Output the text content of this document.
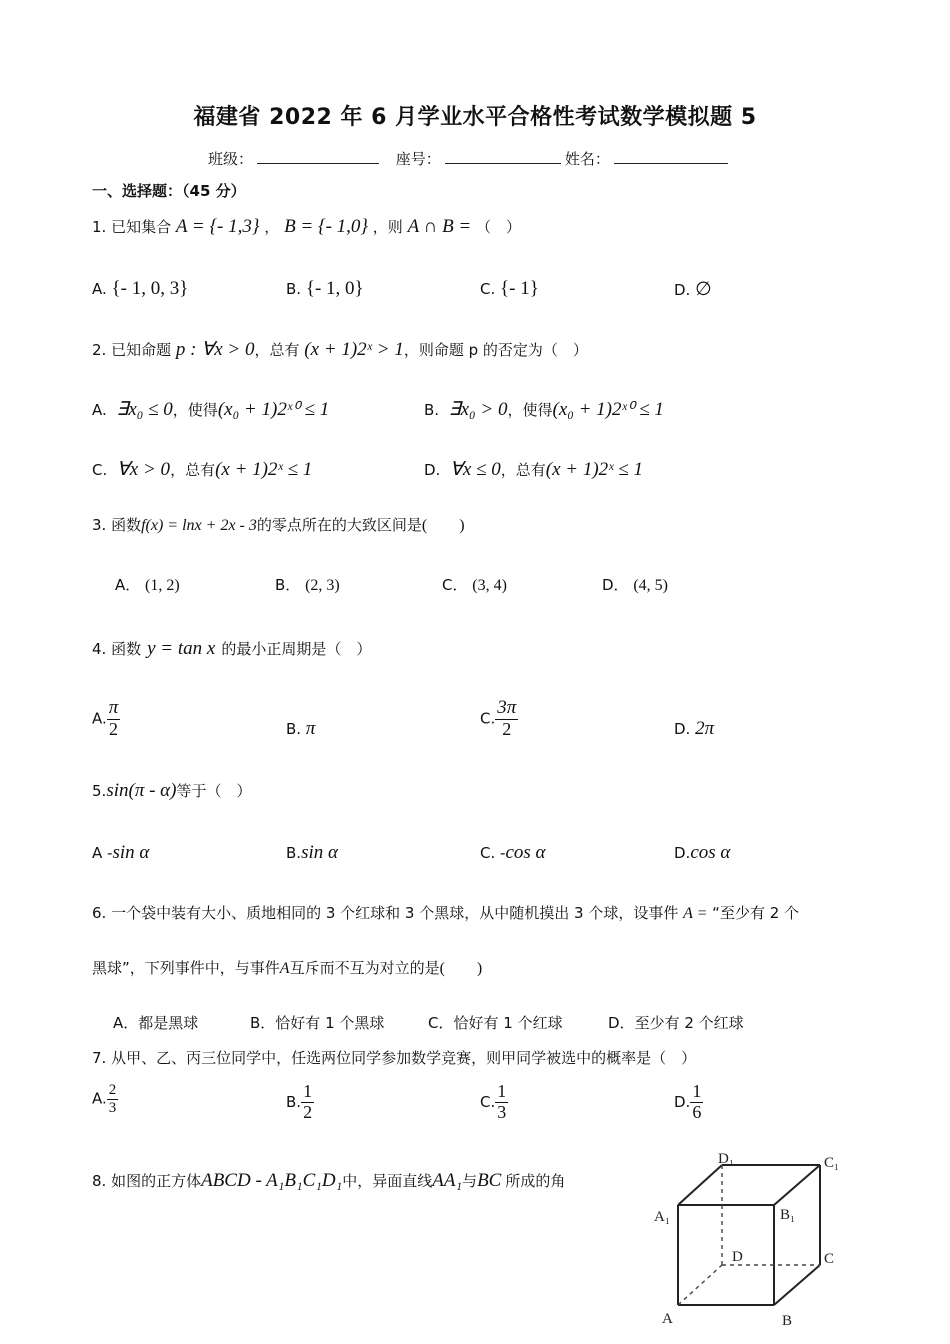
福建省 2022 年 6 月学业水平合格性考试数学模拟题 5
班级：	座号：	姓名：
一、选择题：（45 分）
1. 已知集合 A = {- 1,3} ， B = {- 1,0} ，则 A ∩ B = （　）
A. {- 1, 0, 3}	B. {- 1, 0}	C. {- 1}	D. ∅
2. 已知命题 p : ∀x > 0，总有 (x + 1)2ˣ > 1，则命题 p 的否定为（　）
A. ∃x₀ ≤ 0，使得(x₀ + 1)2ˣ⁰ ≤ 1	B. ∃x₀ > 0，使得(x₀ + 1)2ˣ⁰ ≤ 1
C. ∀x > 0，总有(x + 1)2ˣ ≤ 1	D. ∀x ≤ 0，总有(x + 1)2ˣ ≤ 1
3. 函数f(x) = lnx + 2x - 3的零点所在的大致区间是(　　)
A． (1, 2)	B． (2, 3)	C． (3, 4)	D． (4, 5)
4. 函数 y = tan x 的最小正周期是（　）
A. $\frac{\pi}{2}$	B. π	C. $\frac{3\pi}{2}$	D. 2π
5.sin(π - α)等于（　）
A -sin α	B.sin α	C. -cos α	D.cos α
6. 一个袋中装有大小、质地相同的 3 个红球和 3 个黑球，从中随机摸出 3 个球，设事件 A = “至少有 2 个
黑球”，下列事件中，与事件A互斥而不互为对立的是(　　)
A．都是黑球	B．恰好有 1 个黑球	C．恰好有 1 个红球	D．至少有 2 个红球
7. 从甲、乙、丙三位同学中，任选两位同学参加数学竞赛，则甲同学被选中的概率是（　）
A. $\frac{2}{3}$	B. $\frac{1}{2}$	C. $\frac{1}{3}$	D. $\frac{1}{6}$
8. 如图的正方体ABCD - A₁B₁C₁D₁中，异面直线AA₁与BC 所成的角
D₁	C₁
A₁	B₁
D	C
A	B
